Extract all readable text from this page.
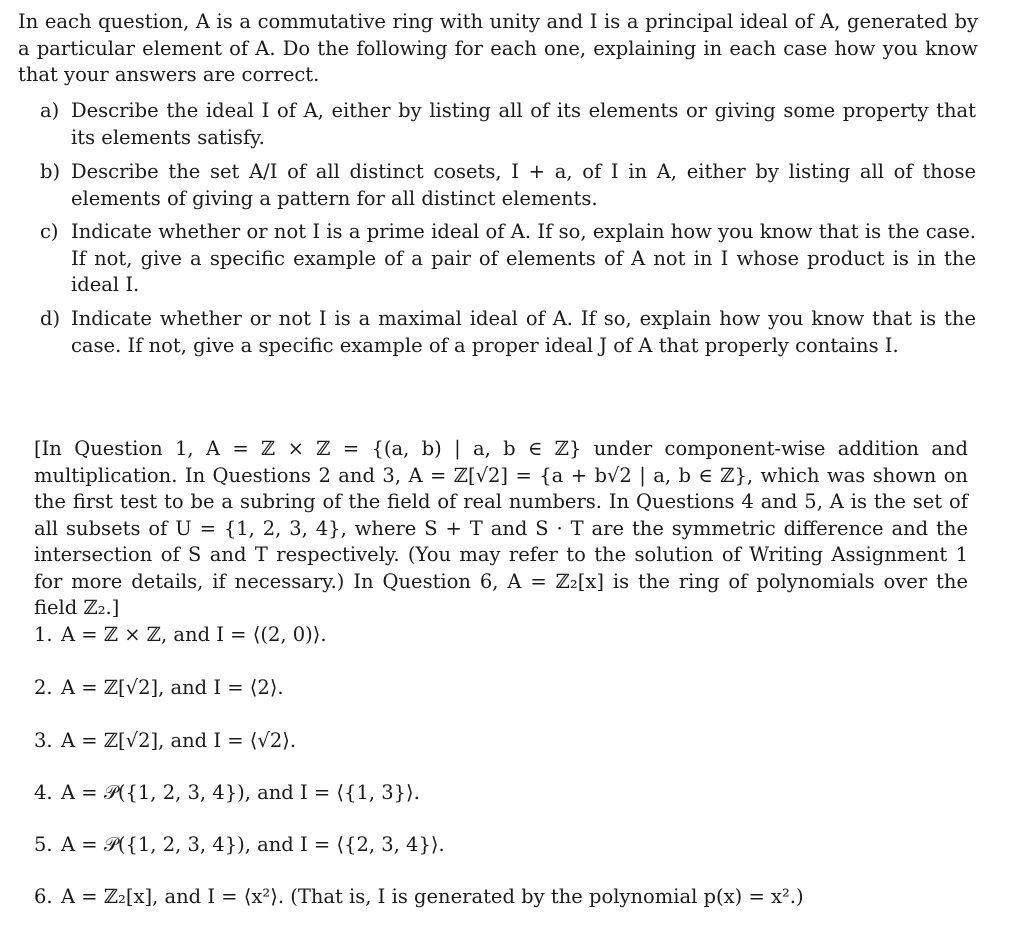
In each question, A is a commutative ring with unity and I is a principal ideal of A, generated by a particular element of A. Do the following for each one, explaining in each case how you know that your answers are correct.

a) Describe the ideal I of A, either by listing all of its elements or giving some property that its elements satisfy.
b) Describe the set A/I of all distinct cosets, I + a, of I in A, either by listing all of those elements of giving a pattern for all distinct elements.
c) Indicate whether or not I is a prime ideal of A. If so, explain how you know that is the case. If not, give a specific example of a pair of elements of A not in I whose product is in the ideal I.
d) Indicate whether or not I is a maximal ideal of A. If so, explain how you know that is the case. If not, give a specific example of a proper ideal J of A that properly contains I.

[In Question 1, A = ℤ × ℤ = {(a, b) | a, b ∈ ℤ} under component-wise addition and multiplication. In Questions 2 and 3, A = ℤ[√2] = {a + b√2 | a, b ∈ ℤ}, which was shown on the first test to be a subring of the field of real numbers. In Questions 4 and 5, A is the set of all subsets of U = {1, 2, 3, 4}, where S + T and S · T are the symmetric difference and the intersection of S and T respectively. (You may refer to the solution of Writing Assignment 1 for more details, if necessary.) In Question 6, A = ℤ₂[x] is the ring of polynomials over the field ℤ₂.]

1. A = ℤ × ℤ, and I = ⟨(2, 0)⟩.
2. A = ℤ[√2], and I = ⟨2⟩.
3. A = ℤ[√2], and I = ⟨√2⟩.
4. A = 𝒫({1, 2, 3, 4}), and I = ⟨{1, 3}⟩.
5. A = 𝒫({1, 2, 3, 4}), and I = ⟨{2, 3, 4}⟩.
6. A = ℤ₂[x], and I = ⟨x²⟩. (That is, I is generated by the polynomial p(x) = x².)
